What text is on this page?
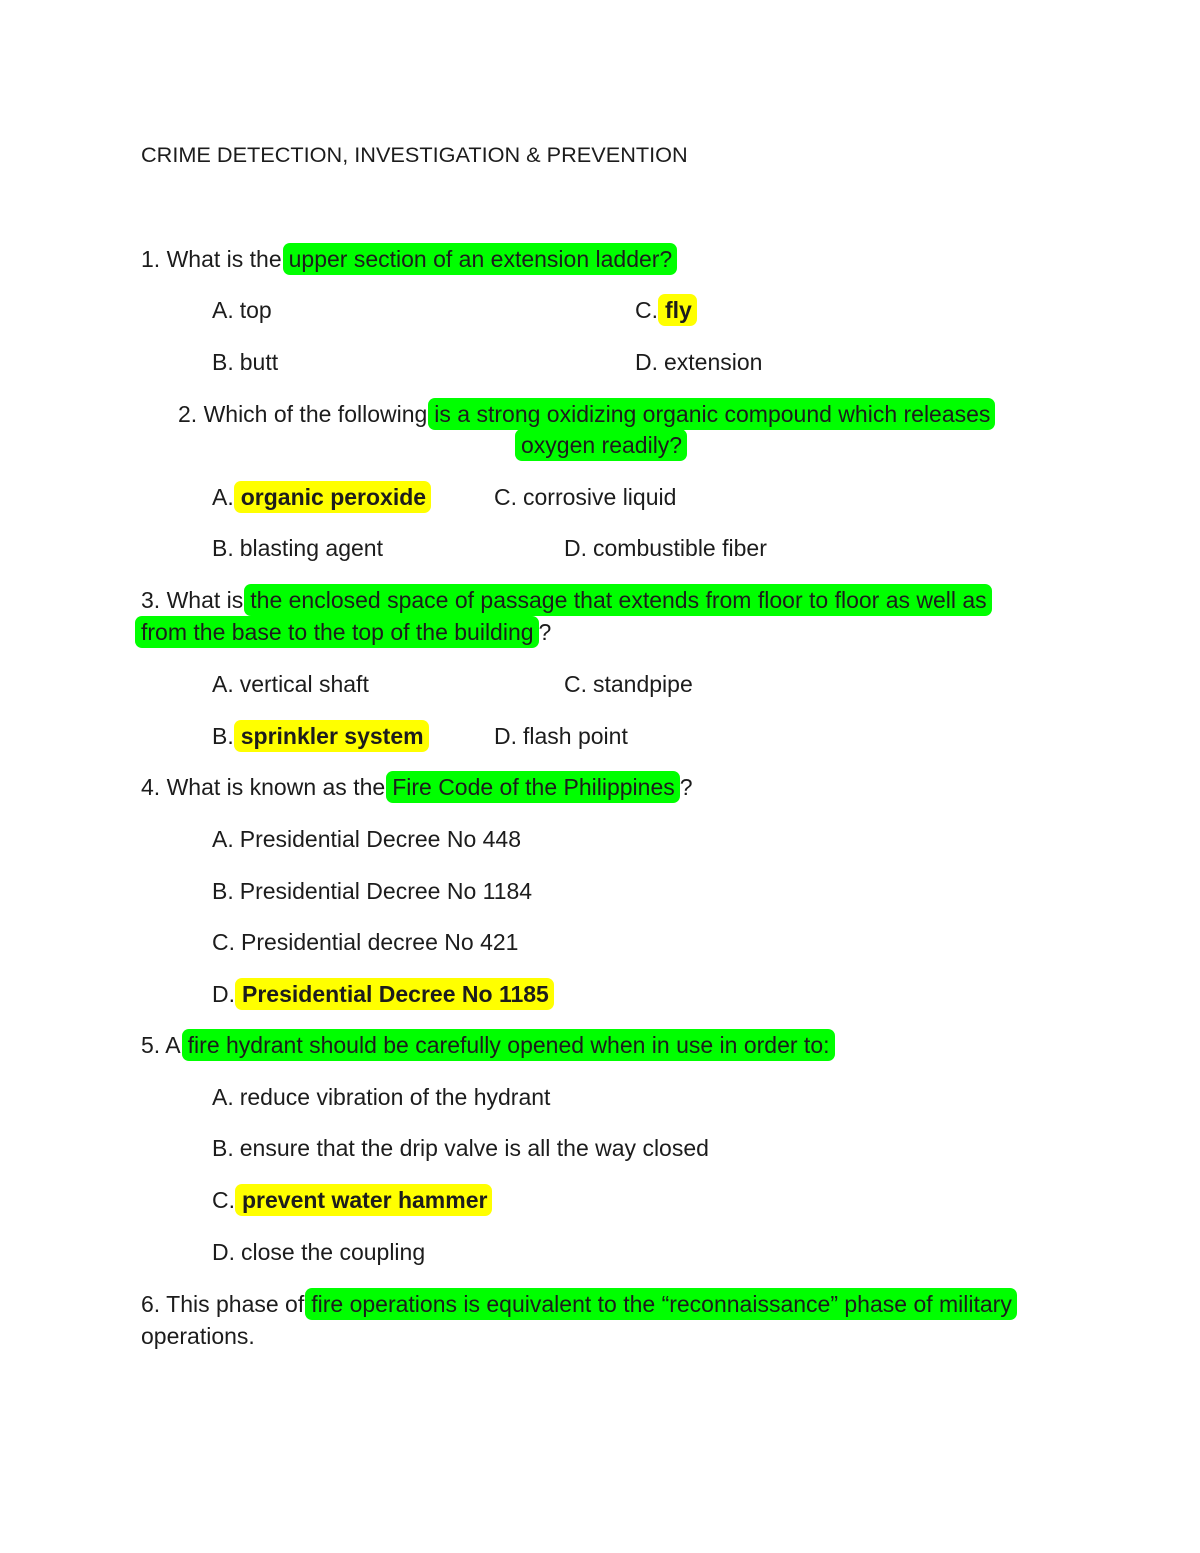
CRIME DETECTION, INVESTIGATION & PREVENTION
1. What is the upper section of an extension ladder?
A. top	C. fly
B. butt	D. extension
2. Which of the following is a strong oxidizing organic compound which releases
oxygen readily?
A. organic peroxide	C. corrosive liquid
B. blasting agent	D. combustible fiber
3. What is the enclosed space of passage that extends from floor to floor as well as
from the base to the top of the building ?
A. vertical shaft	C. standpipe
B. sprinkler system	D. flash point
4. What is known as the Fire Code of the Philippines ?
A. Presidential Decree No 448
B. Presidential Decree No 1184
C. Presidential decree No 421
D. Presidential Decree No 1185
5. A fire hydrant should be carefully opened when in use in order to:
A. reduce vibration of the hydrant
B. ensure that the drip valve is all the way closed
C. prevent water hammer
D. close the coupling
6. This phase of fire operations is equivalent to the “reconnaissance” phase of military
operations.
